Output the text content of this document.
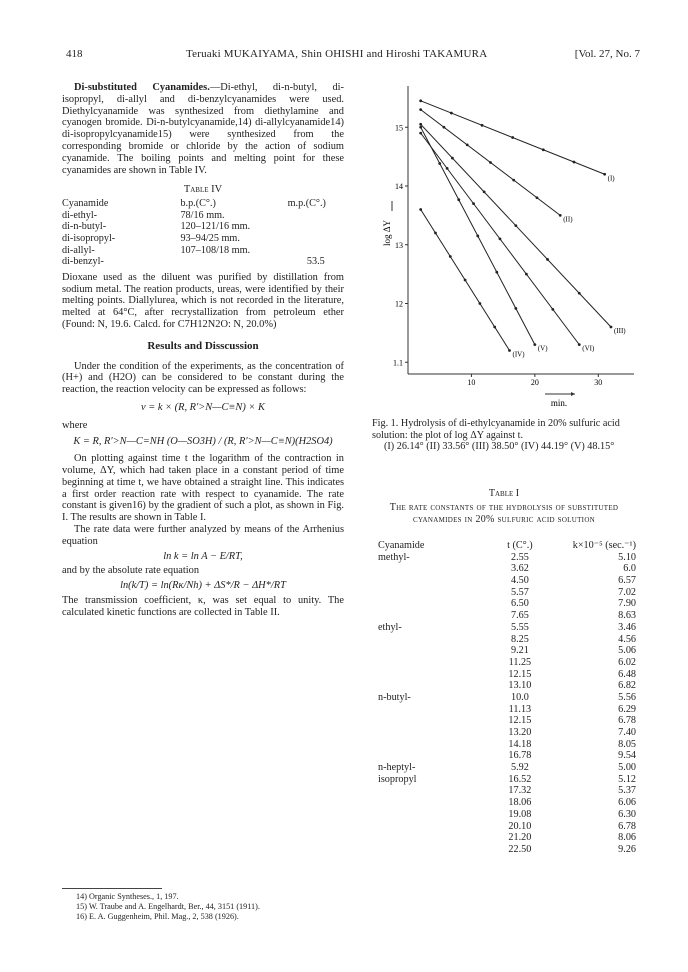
418	Teruaki MUKAIYAMA, Shin OHISHI and Hiroshi TAKAMURA	[Vol. 27, No. 7

Di-substituted Cyanamides.—Di-ethyl, di-n-butyl, di-isopropyl, di-allyl and di-benzylcyanamides were used. Diethylcyanamide was synthesized from diethylamine and cyanogen bromide. Di-n-butylcyanamide,14) di-allylcyanamide14) di-isopropylcyanamide15) were synthesized from the corresponding bromide or chloride by the action of sodium cyanamide. The boiling points and melting point for these cyanamides are shown in Table IV.

Table IV
Cyanamide	b.p.(C°.)	m.p.(C°.)
di-ethyl-	78/16 mm.	
di-n-butyl-	120–121/16 mm.	
di-isopropyl-	93–94/25 mm.	
di-allyl-	107–108/18 mm.	
di-benzyl-		53.5

Dioxane used as the diluent was purified by distillation from sodium metal. The reation products, ureas, were identified by their melting points. Diallylurea, which is not recorded in the literature, melted at 64°C, after recrystallization from petroleum ether (Found: N, 19.6. Calcd. for C7H12N2O: N, 20.0%)

Results and Disscussion

Under the condition of the experiments, as the concentration of (H+) and (H2O) can be considered to be constant during the reaction, the reaction velocity can be expressed as follows:

v = k × (R, R′>N—C≡N) × K
where
K = R, R′>N—C=NH (O—SO3H) / (R, R′>N—C≡N)(H2SO4)

On plotting against time t the logarithm of the contraction in volume, ΔY, which had taken place in a constant period of time beginning at time t, we have obtained a straight line. This indicates a first order reaction rate with respect to cyanamide. The rate constant is given16) by the gradient of such a plot, as shown in Fig. I. The results are shown in Table I.

The rate data were further analyzed by means of the Arrhenius equation

ln k = ln A − E/RT,

and by the absolute rate equation

ln(k/T) = ln(Rκ/Nh) + ΔS*/R − ΔH*/RT

The transmission coefficient, κ, was set equal to unity. The calculated kinetic functions are collected in Table II.

14) Organic Syntheses., 1, 197.
15) W. Traube and A. Engelhardt, Ber., 44, 3151 (1911).
16) E. A. Guggenheim, Phil. Mag., 2, 538 (1926).
10	20	30
1.1
12
13
14
15
log ΔY
min.
(I)
(II)
(III)
(IV)
(V)	(VI)
Fig. 1. Hydrolysis of di-ethylcyanamide in 20% sulfuric acid solution: the plot of log ΔY against t.
(I) 26.14° (II) 33.56° (III) 38.50° (IV) 44.19° (V) 48.15°
Table I
The rate constants of the hydrolysis of substituted cyanamides in 20% sulfuric acid solution
Cyanamide	t (C°.)	k×10⁻⁵ (sec.⁻¹)
methyl-	2.55	5.10
	3.62	6.0
	4.50	6.57
	5.57	7.02
	6.50	7.90
	7.65	8.63
ethyl-	5.55	3.46
	8.25	4.56
	9.21	5.06
	11.25	6.02
	12.15	6.48
	13.10	6.82
n-butyl-	10.0	5.56
	11.13	6.29
	12.15	6.78
	13.20	7.40
	14.18	8.05
	16.78	9.54
n-heptyl-	5.92	5.00
isopropyl	16.52	5.12
	17.32	5.37
	18.06	6.06
	19.08	6.30
	20.10	6.78
	21.20	8.06
	22.50	9.26
